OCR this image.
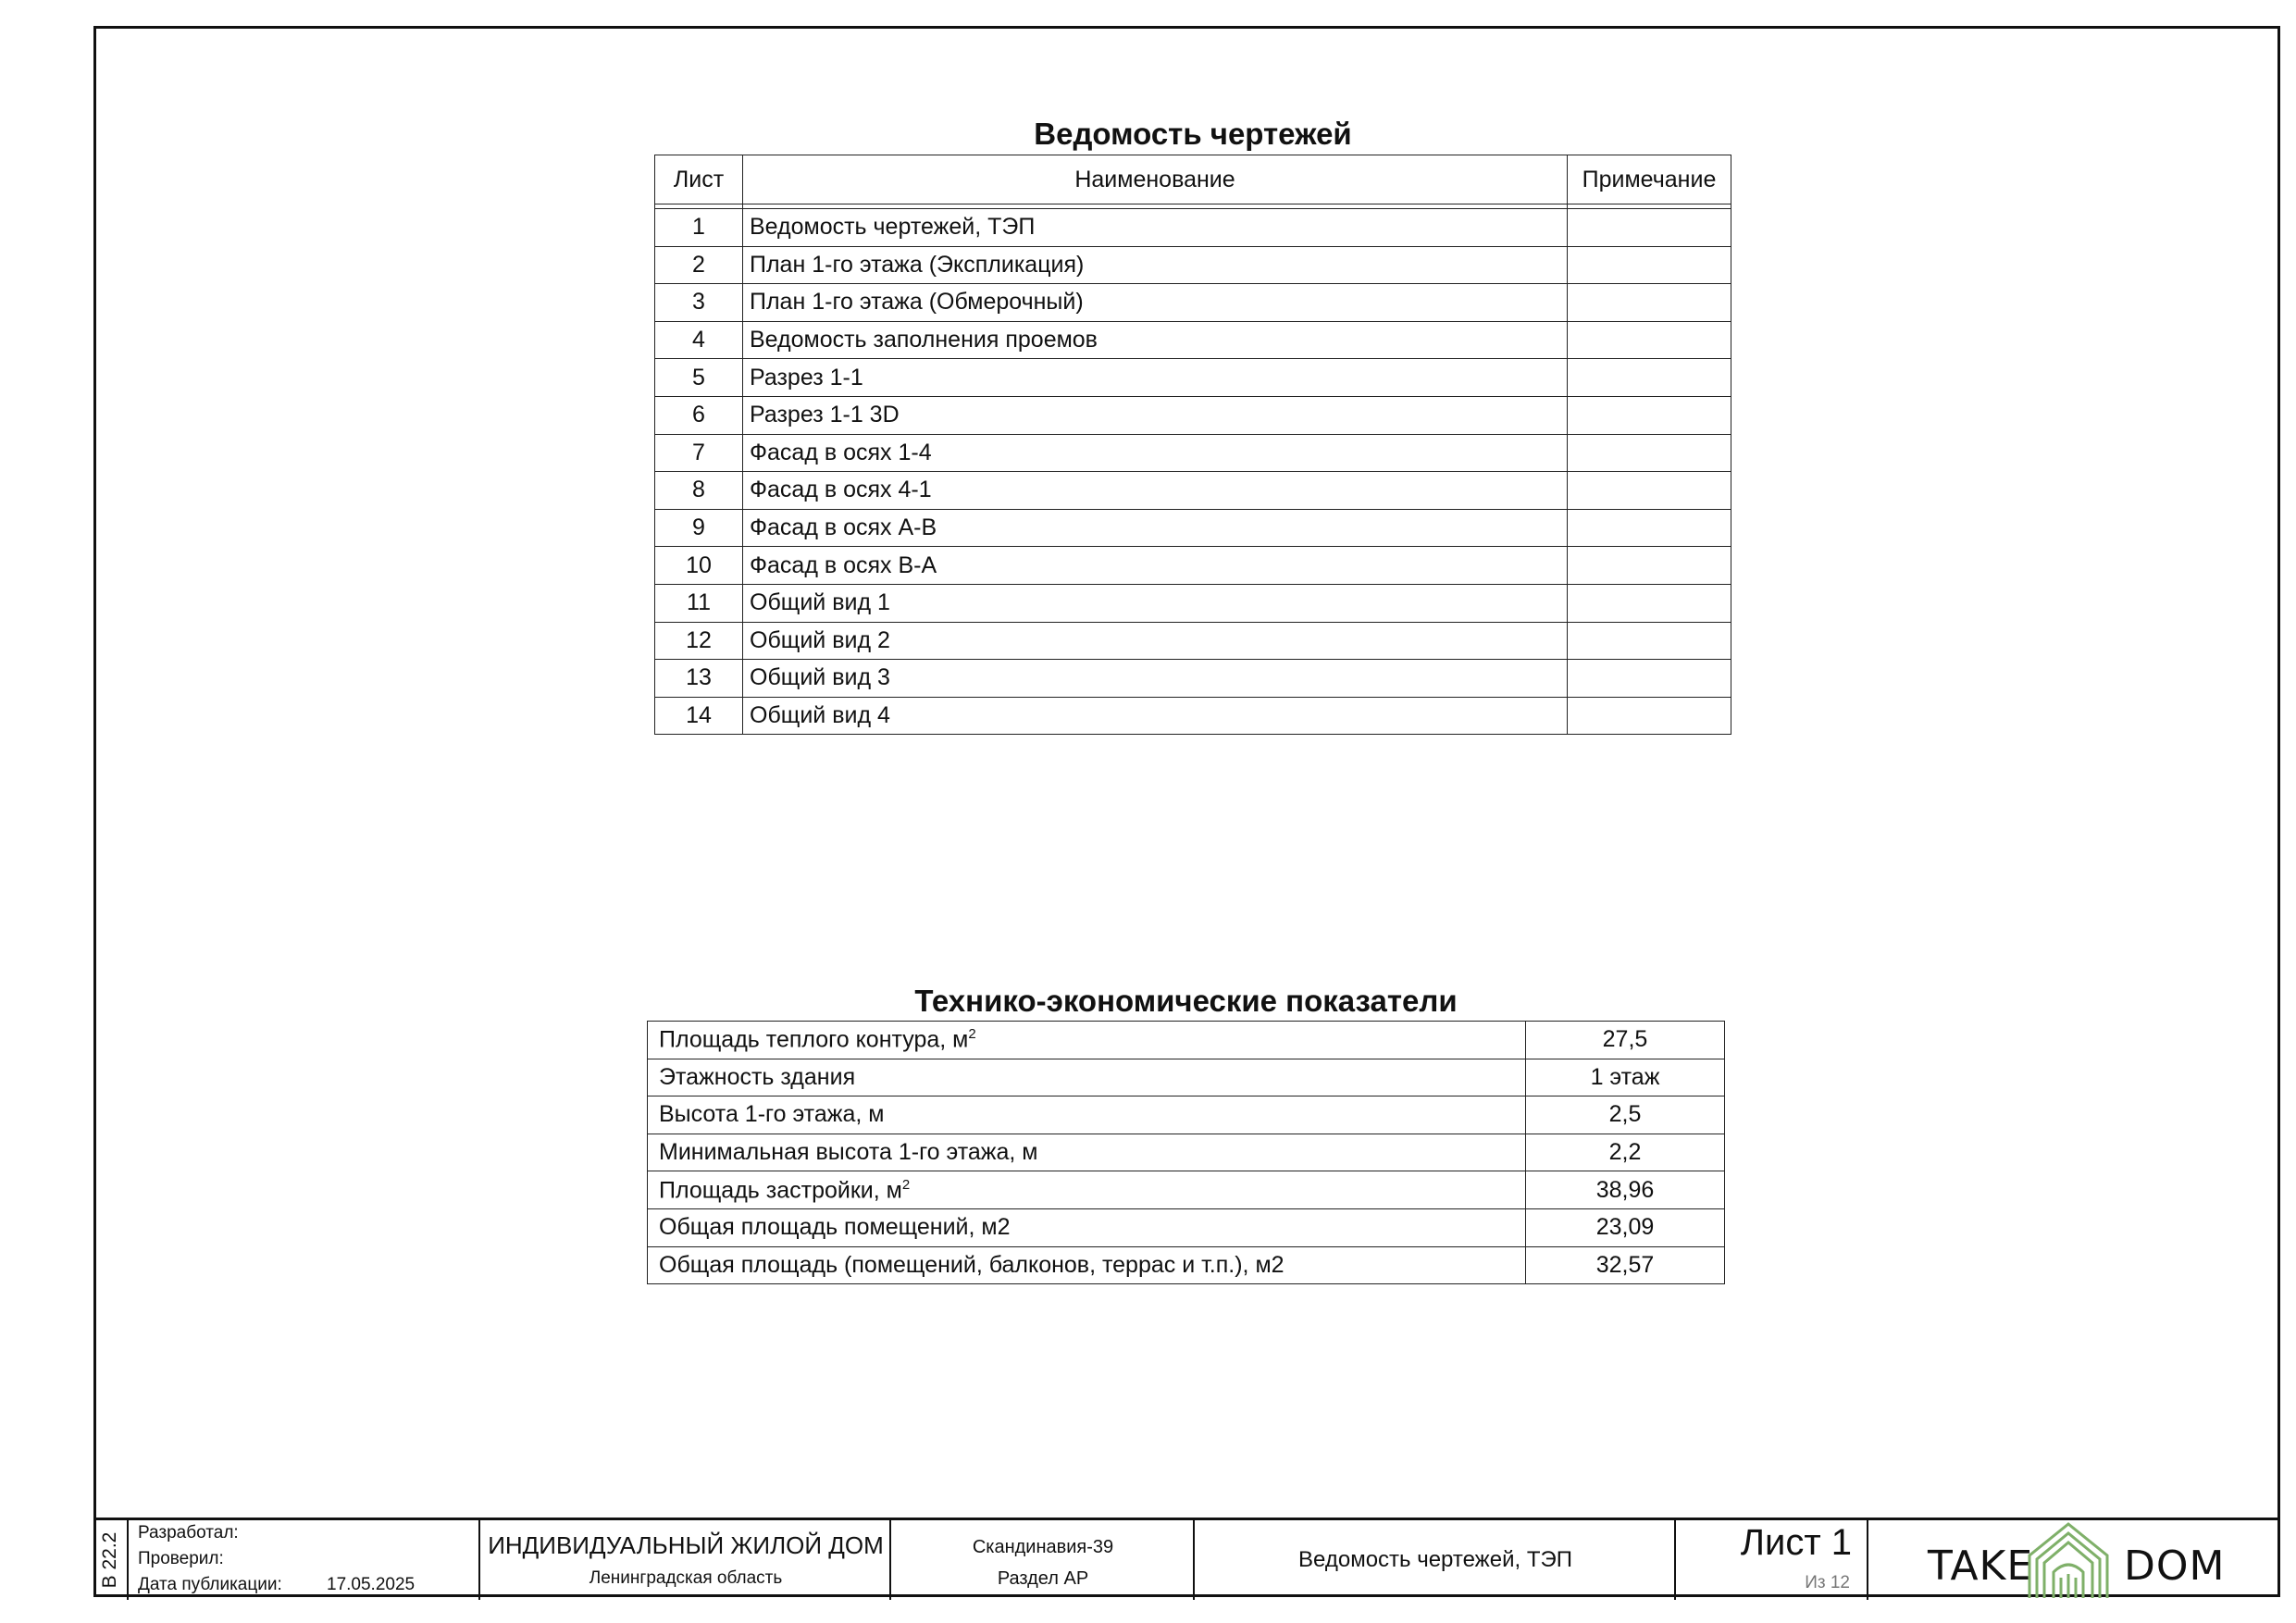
Ведомость чертежей
Лист	Наименование	Примечание

1	Ведомость чертежей, ТЭП	
2	План 1-го этажа (Экспликация)	
3	План 1-го этажа (Обмерочный)	
4	Ведомость заполнения проемов	
5	Разрез 1-1	
6	Разрез 1-1 3D	
7	Фасад в осях 1-4	
8	Фасад в осях 4-1	
9	Фасад в осях А-В	
10	Фасад в осях В-А	
11	Общий вид 1	
12	Общий вид 2	
13	Общий вид 3	
14	Общий вид 4	
Технико-экономические показатели
Площадь теплого контура, $м^2$	27,5
Этажность здания	1 этаж
Высота 1-го этажа, м	2,5
Минимальная высота 1-го этажа, м	2,2
Площадь застройки, $м^2$	38,96
Общая площадь помещений, м2	23,09
Общая площадь (помещений, балконов, террас и т.п.), м2	32,57
В 22.2 Разработал:
Проверил:
Дата публикации:	17.05.2025
ИНДИВИДУАЛЬНЫЙ ЖИЛОЙ ДОМ
Ленинградская область
Скандинавия-39
Раздел АР
Ведомость чертежей, ТЭП	Лист 1
Из 12 TAKE DOM
